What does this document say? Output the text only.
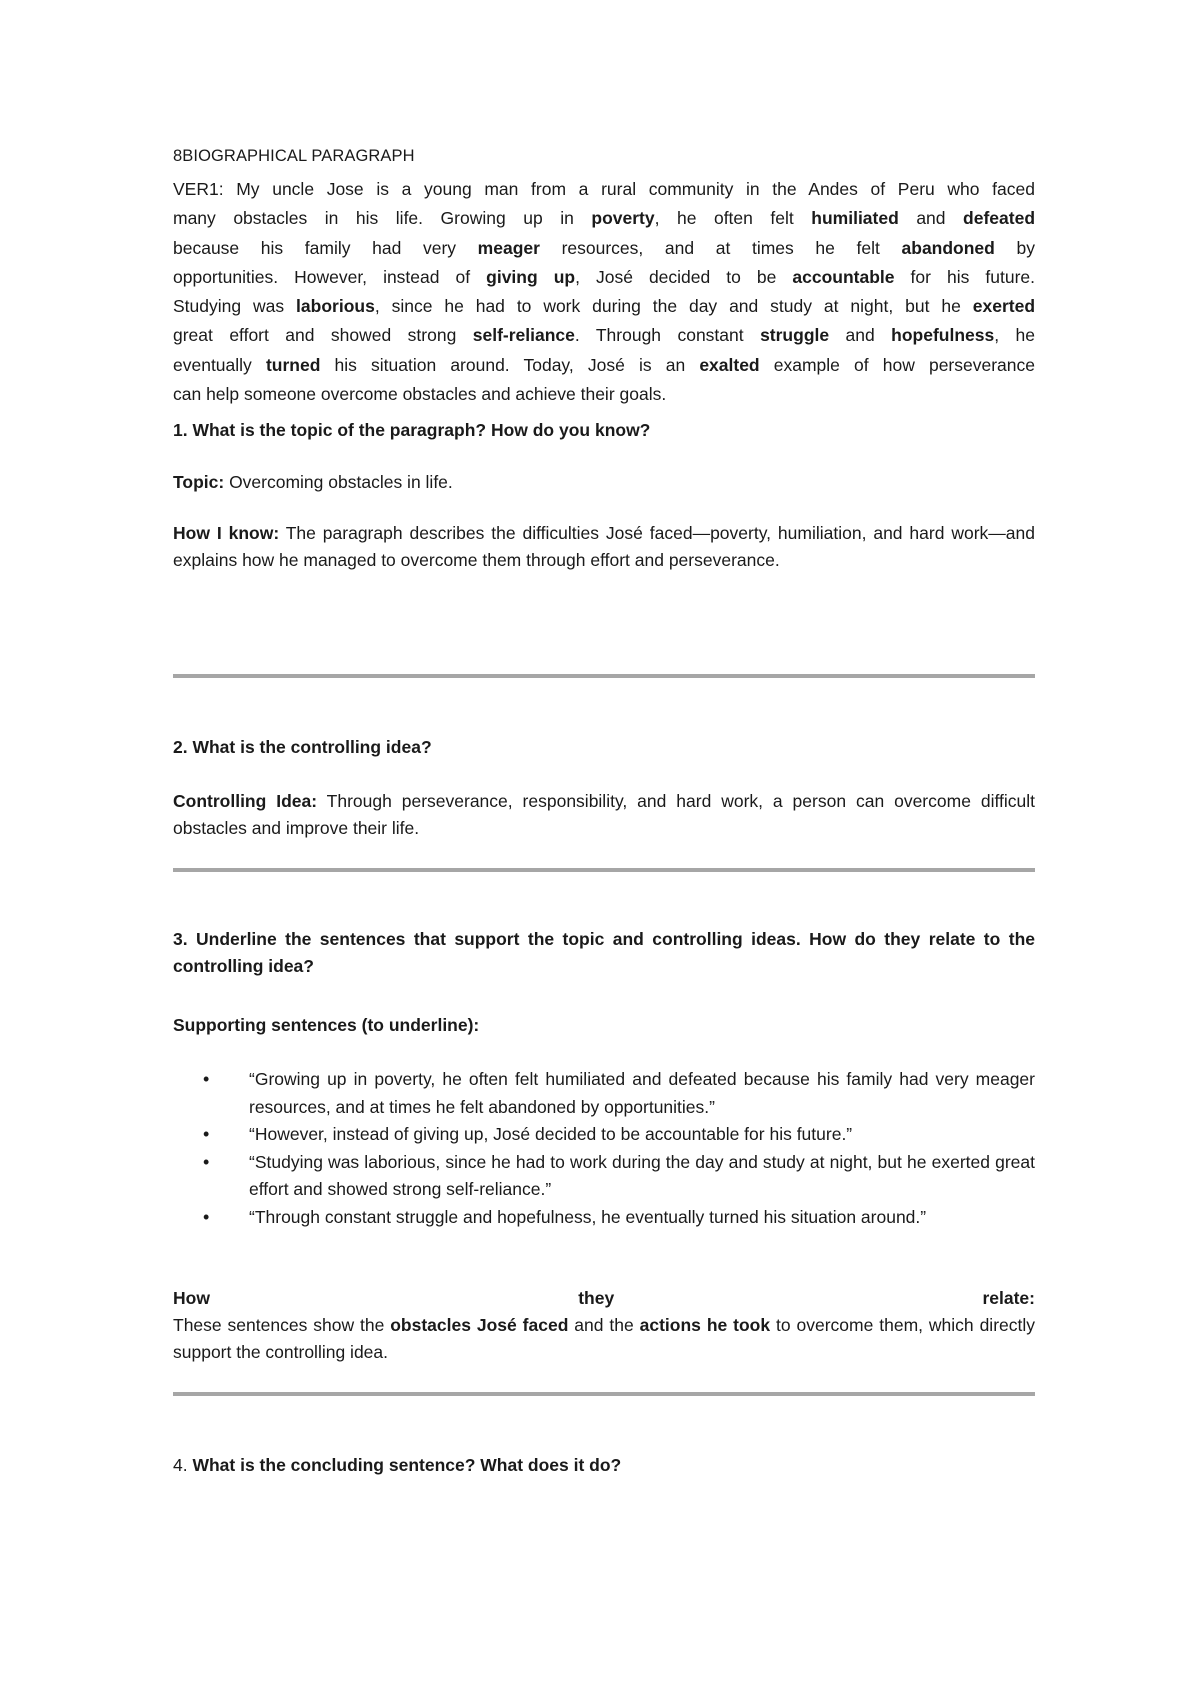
8BIOGRAPHICAL PARAGRAPH
VER1: My uncle Jose is a young man from a rural community in the Andes of Peru who faced
many obstacles in his life. Growing up in poverty, he often felt humiliated and defeated
because his family had very meager resources, and at times he felt abandoned by
opportunities. However, instead of giving up, José decided to be accountable for his future.
Studying was laborious, since he had to work during the day and study at night, but he exerted
great effort and showed strong self-reliance. Through constant struggle and hopefulness, he
eventually turned his situation around. Today, José is an exalted example of how perseverance
can help someone overcome obstacles and achieve their goals.
1. What is the topic of the paragraph? How do you know?

Topic: Overcoming obstacles in life.

How I know: The paragraph describes the difficulties José faced—poverty, humiliation, and hard work—and explains how he managed to overcome them through effort and perseverance.

2. What is the controlling idea?

Controlling Idea: Through perseverance, responsibility, and hard work, a person can overcome difficult obstacles and improve their life.

3. Underline the sentences that support the topic and controlling ideas. How do they relate to the controlling idea?
Supporting sentences (to underline):
• “Growing up in poverty, he often felt humiliated and defeated because his family had very meager resources, and at times he felt abandoned by opportunities.”
• “However, instead of giving up, José decided to be accountable for his future.”
• “Studying was laborious, since he had to work during the day and study at night, but he exerted great effort and showed strong self-reliance.”
• “Through constant struggle and hopefulness, he eventually turned his situation around.”
How	they	relate:

These sentences show the obstacles José faced and the actions he took to overcome them, which directly support the controlling idea.

4. What is the concluding sentence? What does it do?
